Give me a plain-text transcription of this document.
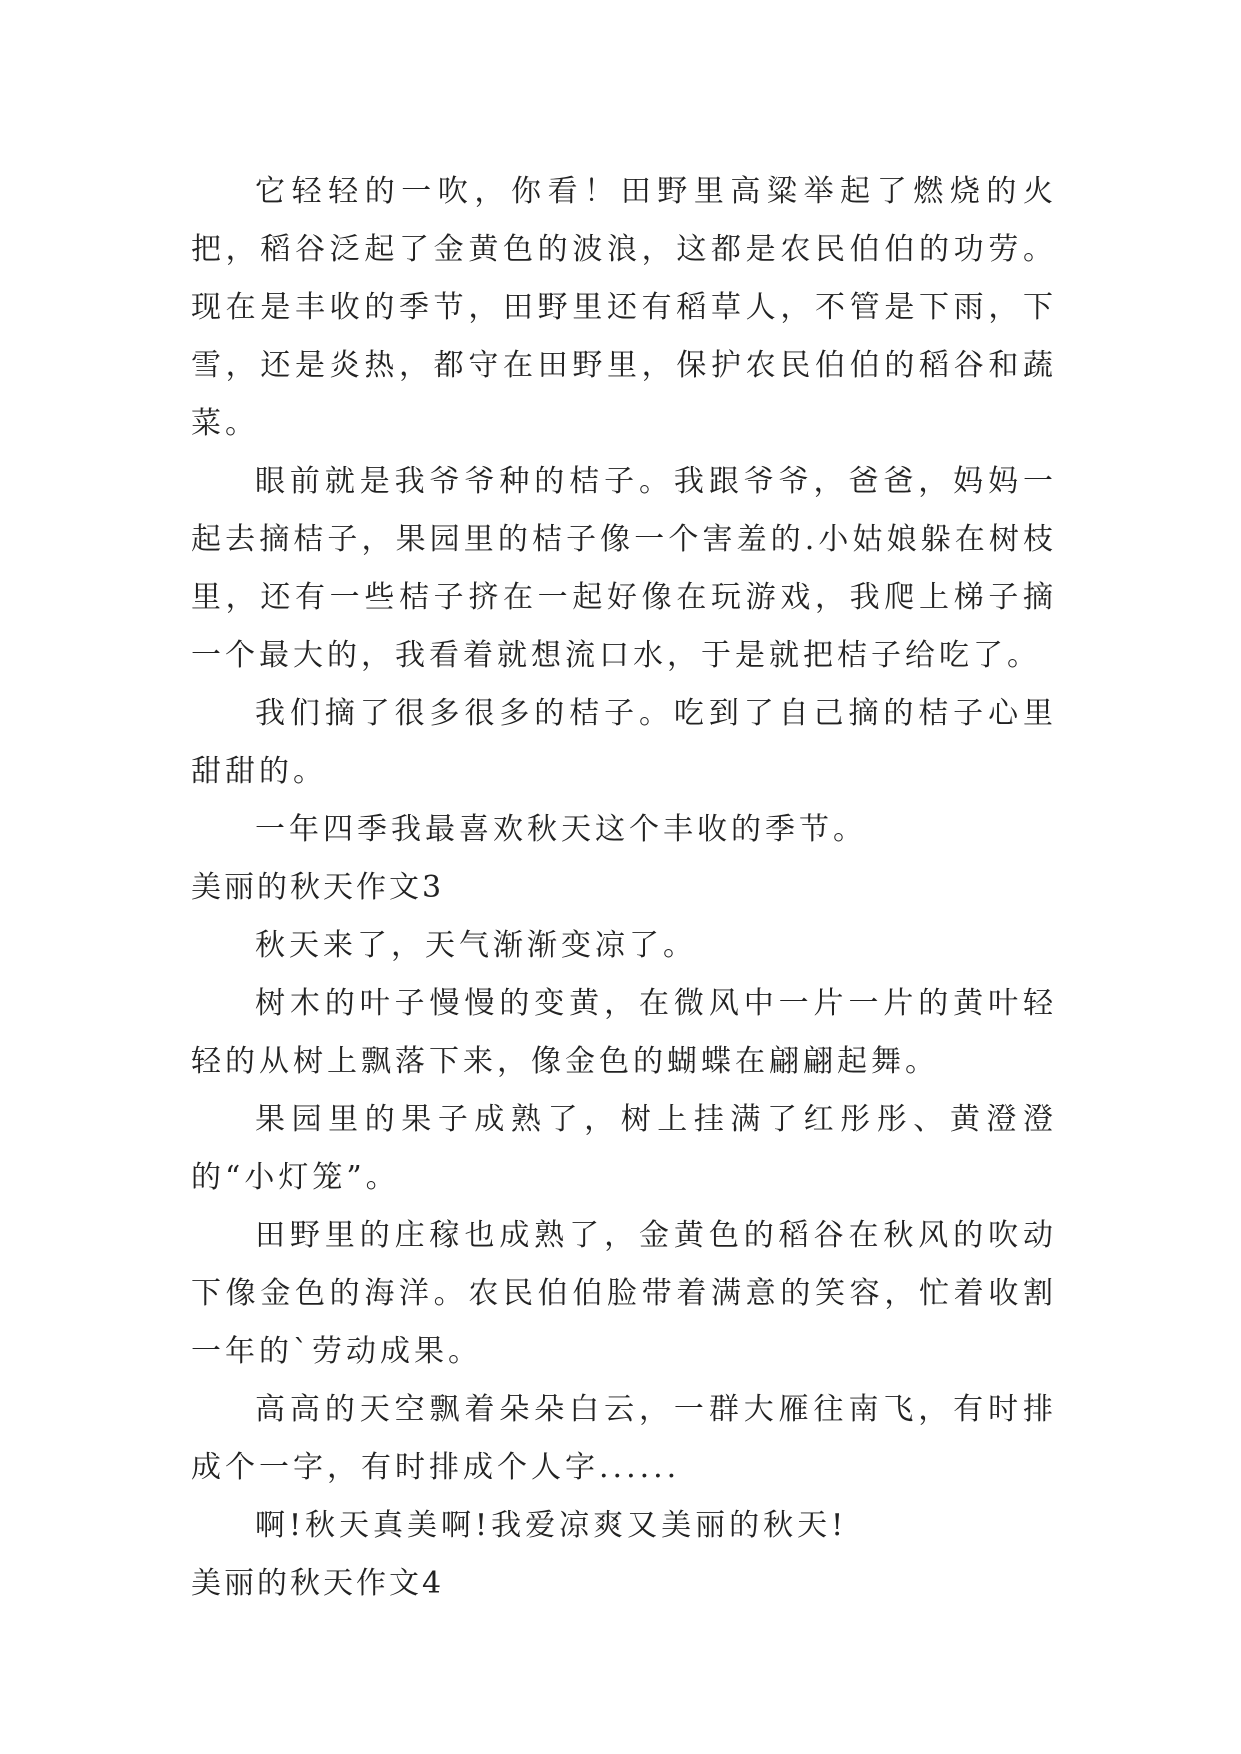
它轻轻的一吹，你看！田野里高粱举起了燃烧的火把，稻谷泛起了金黄色的波浪，这都是农民伯伯的功劳。现在是丰收的季节，田野里还有稻草人，不管是下雨，下雪，还是炎热，都守在田野里，保护农民伯伯的稻谷和蔬菜。

眼前就是我爷爷种的桔子。我跟爷爷，爸爸，妈妈一起去摘桔子，果园里的桔子像一个害羞的.小姑娘躲在树枝里，还有一些桔子挤在一起好像在玩游戏，我爬上梯子摘一个最大的，我看着就想流口水，于是就把桔子给吃了。

我们摘了很多很多的桔子。吃到了自己摘的桔子心里甜甜的。

一年四季我最喜欢秋天这个丰收的季节。

美丽的秋天作文3

秋天来了，天气渐渐变凉了。

树木的叶子慢慢的变黄，在微风中一片一片的黄叶轻轻的从树上飘落下来，像金色的蝴蝶在翩翩起舞。

果园里的果子成熟了，树上挂满了红彤彤、黄澄澄的“小灯笼”。

田野里的庄稼也成熟了，金黄色的稻谷在秋风的吹动下像金色的海洋。农民伯伯脸带着满意的笑容，忙着收割一年的`劳动成果。

高高的天空飘着朵朵白云，一群大雁往南飞，有时排成个一字，有时排成个人字......

啊!秋天真美啊!我爱凉爽又美丽的秋天!

美丽的秋天作文4
